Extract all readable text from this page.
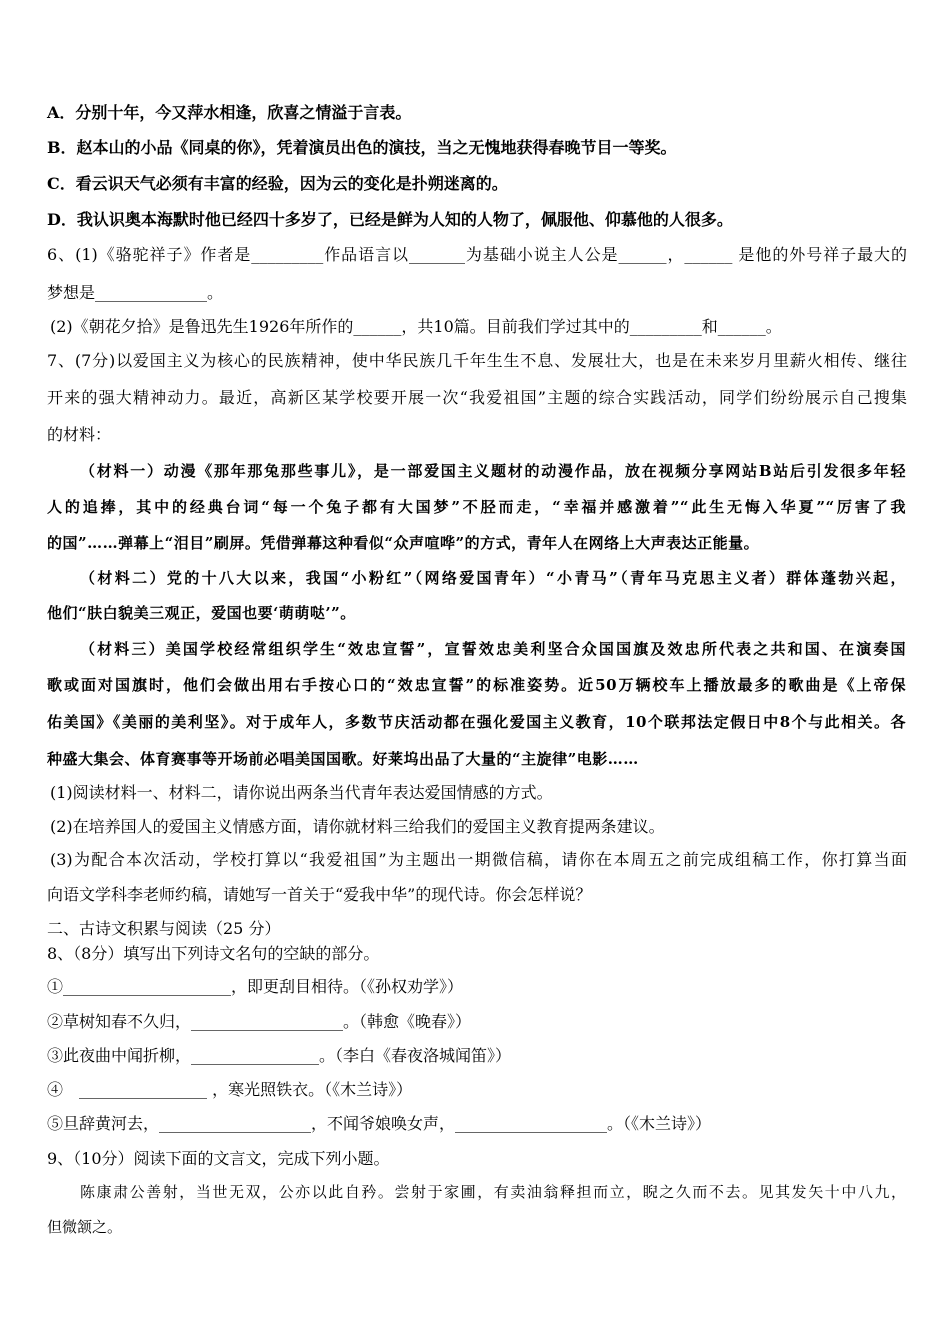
A．分别十年，今又萍水相逢，欣喜之情溢于言表。
B．赵本山的小品《同桌的你》，凭着演员出色的演技，当之无愧地获得春晚节目一等奖。
C．看云识天气必须有丰富的经验，因为云的变化是扑朔迷离的。
D．我认识奥本海默时他已经四十多岁了，已经是鲜为人知的人物了，佩服他、仰慕他的人很多。
6、(1)《骆驼祥子》作者是_________作品语言以_______为基础小说主人公是______，______ 是他的外号祥子最大的
梦想是______________。
(2)《朝花夕拾》是鲁迅先生1926年所作的______，共10篇。目前我们学过其中的_________和______。
7、(7分)以爱国主义为核心的民族精神，使中华民族几千年生生不息、发展壮大，也是在未来岁月里薪火相传、继往
开来的强大精神动力。最近，高新区某学校要开展一次“我爱祖国”主题的综合实践活动，同学们纷纷展示自己搜集
的材料：
（材料一）动漫《那年那兔那些事儿》，是一部爱国主义题材的动漫作品，放在视频分享网站B站后引发很多年轻
人的追捧，其中的经典台词“每一个兔子都有大国梦”不胫而走，“幸福并感激着”“此生无悔入华夏”“厉害了我
的国”……弹幕上“泪目”刷屏。凭借弹幕这种看似“众声喧哗”的方式，青年人在网络上大声表达正能量。
（材料二）党的十八大以来，我国“小粉红”（网络爱国青年）“小青马”（青年马克思主义者）群体蓬勃兴起，
他们“肤白貌美三观正，爱国也要‘萌萌哒’”。
（材料三）美国学校经常组织学生“效忠宣誓”，宣誓效忠美利坚合众国国旗及效忠所代表之共和国、在演奏国
歌或面对国旗时，他们会做出用右手按心口的“效忠宣誓”的标准姿势。近50万辆校车上播放最多的歌曲是《上帝保
佑美国》《美丽的美利坚》。对于成年人，多数节庆活动都在强化爱国主义教育，10个联邦法定假日中8个与此相关。各
种盛大集会、体育赛事等开场前必唱美国国歌。好莱坞出品了大量的“主旋律”电影……
(1)阅读材料一、材料二，请你说出两条当代青年表达爱国情感的方式。
(2)在培养国人的爱国主义情感方面，请你就材料三给我们的爱国主义教育提两条建议。
(3)为配合本次活动，学校打算以“我爱祖国”为主题出一期微信稿，请你在本周五之前完成组稿工作，你打算当面
向语文学科李老师约稿，请她写一首关于“爱我中华”的现代诗。你会怎样说？
二、古诗文积累与阅读（25 分）
8、（8分）填写出下列诗文名句的空缺的部分。
①_____________________，即更刮目相待。（《孙权劝学》）
②草树知春不久归，___________________。（韩愈《晚春》）
③此夜曲中闻折柳，________________。（李白《春夜洛城闻笛》）
④　________________ ，寒光照铁衣。（《木兰诗》）
⑤旦辞黄河去，___________________，不闻爷娘唤女声，___________________。（《木兰诗》）
9、（10分）阅读下面的文言文，完成下列小题。
陈康肃公善射，当世无双，公亦以此自矜。尝射于家圃，有卖油翁释担而立，睨之久而不去。见其发矢十中八九，
但微颔之。
